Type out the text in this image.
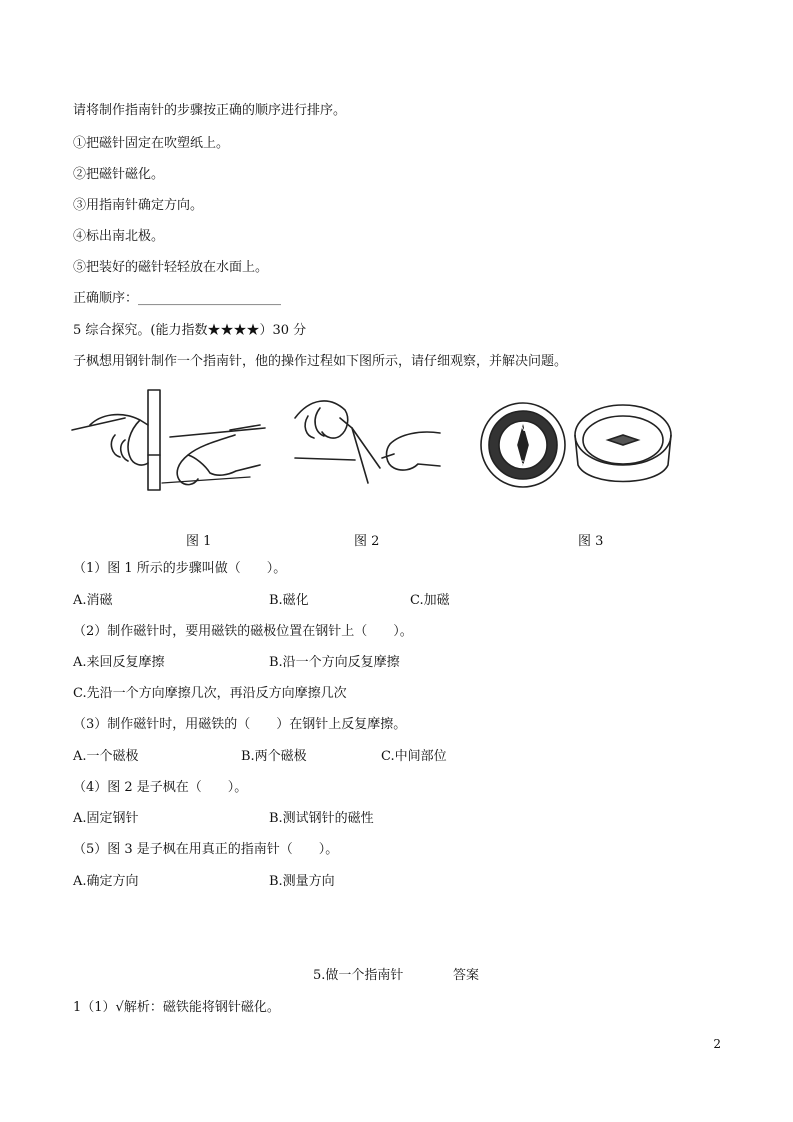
请将制作指南针的步骤按正确的顺序进行排序。
①把磁针固定在吹塑纸上。
②把磁针磁化。
③用指南针确定方向。
④标出南北极。
⑤把装好的磁针轻轻放在水面上。
正确顺序：______________________
5 综合探究。(能力指数★★★★）30 分
子枫想用钢针制作一个指南针，他的操作过程如下图所示，请仔细观察，并解决问题。
N
E
S
W
图 1	图 2	图 3
（1）图 1 所示的步骤叫做（　　）。
A.消磁	B.磁化	C.加磁
（2）制作磁针时，要用磁铁的磁极位置在钢针上（　　）。
A.来回反复摩擦	B.沿一个方向反复摩擦
C.先沿一个方向摩擦几次，再沿反方向摩擦几次
（3）制作磁针时，用磁铁的（　　）在钢针上反复摩擦。
A.一个磁极	B.两个磁极	C.中间部位
（4）图 2 是子枫在（　　）。
A.固定钢针	B.测试钢针的磁性
（5）图 3 是子枫在用真正的指南针（　　）。
A.确定方向	B.测量方向
5.做一个指南针	答案
1（1）√解析：磁铁能将钢针磁化。
2
